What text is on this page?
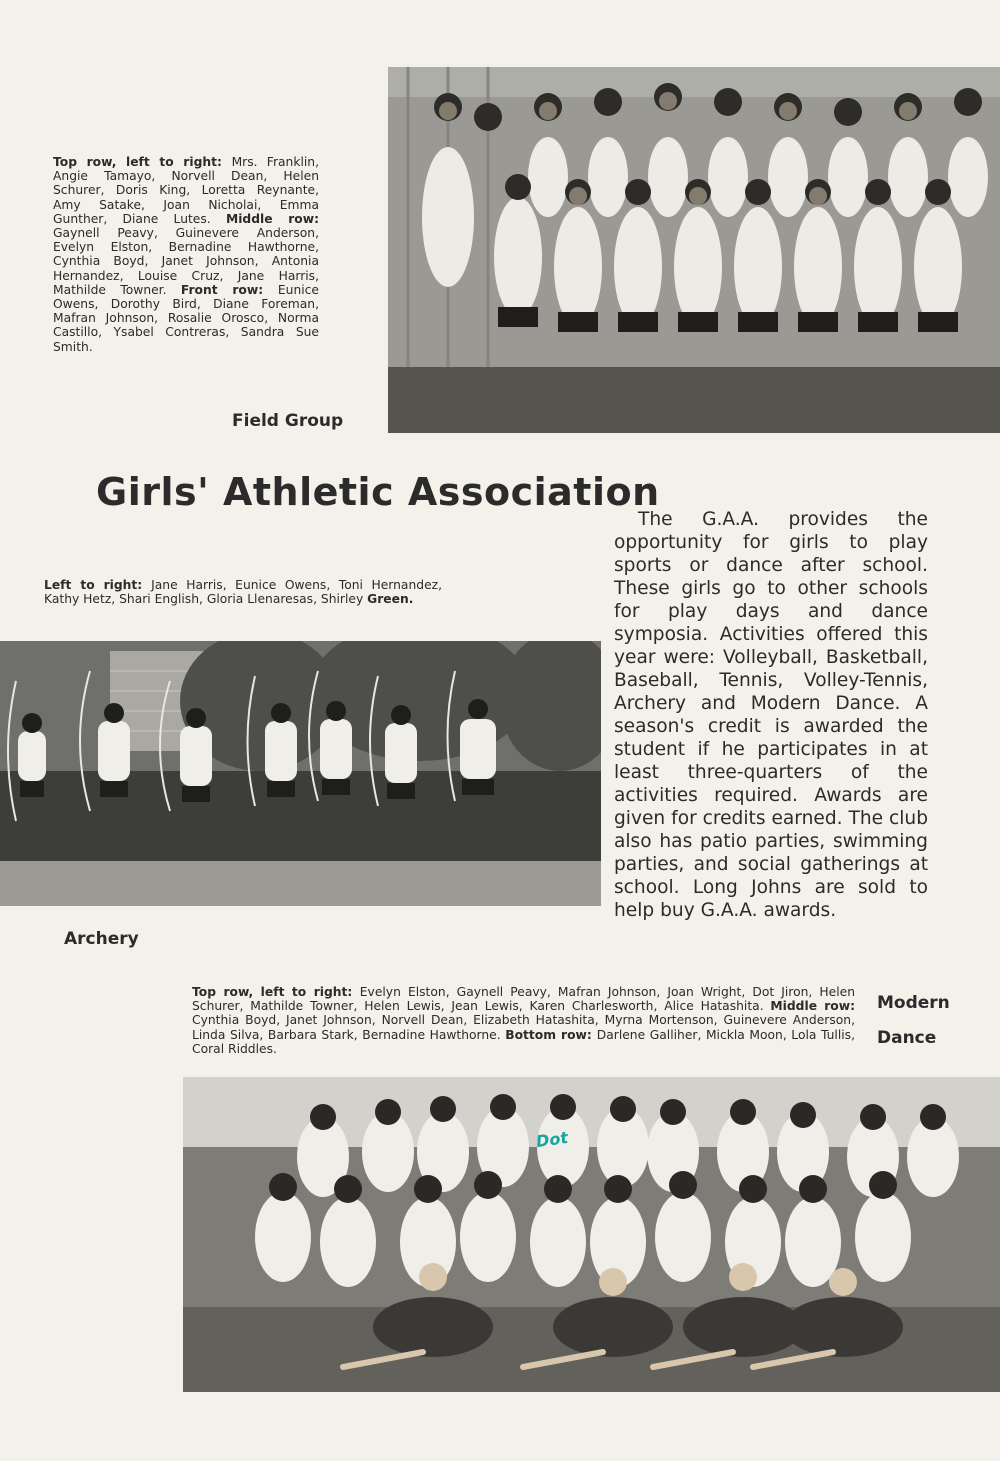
Top row, left to right: Mrs. Franklin, Angie Tamayo, Norvell Dean, Helen Schurer, Doris King, Loretta Reynante, Amy Satake, Joan Nicholai, Emma Gunther, Diane Lutes. Middle row: Gaynell Peavy, Guinevere Anderson, Evelyn Elston, Bernadine Hawthorne, Cynthia Boyd, Janet Johnson, Antonia Hernandez, Louise Cruz, Jane Harris, Mathilde Towner. Front row: Eunice Owens, Dorothy Bird, Diane Foreman, Mafran Johnson, Rosalie Orosco, Norma Castillo, Ysabel Contreras, Sandra Sue Smith.
Field Group
Girls' Athletic Association
Left to right: Jane Harris, Eunice Owens, Toni Hernandez, Kathy Hetz, Shari English, Gloria Llenaresas, Shirley Green.
Archery
The G.A.A. provides the opportunity for girls to play sports or dance after school. These girls go to other schools for play days and dance symposia. Activities offered this year were: Volleyball, Basketball, Baseball, Tennis, Volley-Tennis, Archery and Modern Dance. A season's credit is awarded the student if he participates in at least three-quarters of the activities required. Awards are given for credits earned. The club also has patio parties, swimming parties, and social gatherings at school. Long Johns are sold to help buy G.A.A. awards.
Top row, left to right: Evelyn Elston, Gaynell Peavy, Mafran Johnson, Joan Wright, Dot Jiron, Helen Schurer, Mathilde Towner, Helen Lewis, Jean Lewis, Karen Charlesworth, Alice Hatashita. Middle row: Cynthia Boyd, Janet Johnson, Norvell Dean, Elizabeth Hatashita, Myrna Mortenson, Guinevere Anderson, Linda Silva, Barbara Stark, Bernadine Hawthorne. Bottom row: Darlene Galliher, Mickla Moon, Lola Tullis, Coral Riddles.
Modern
Dance
Dot
